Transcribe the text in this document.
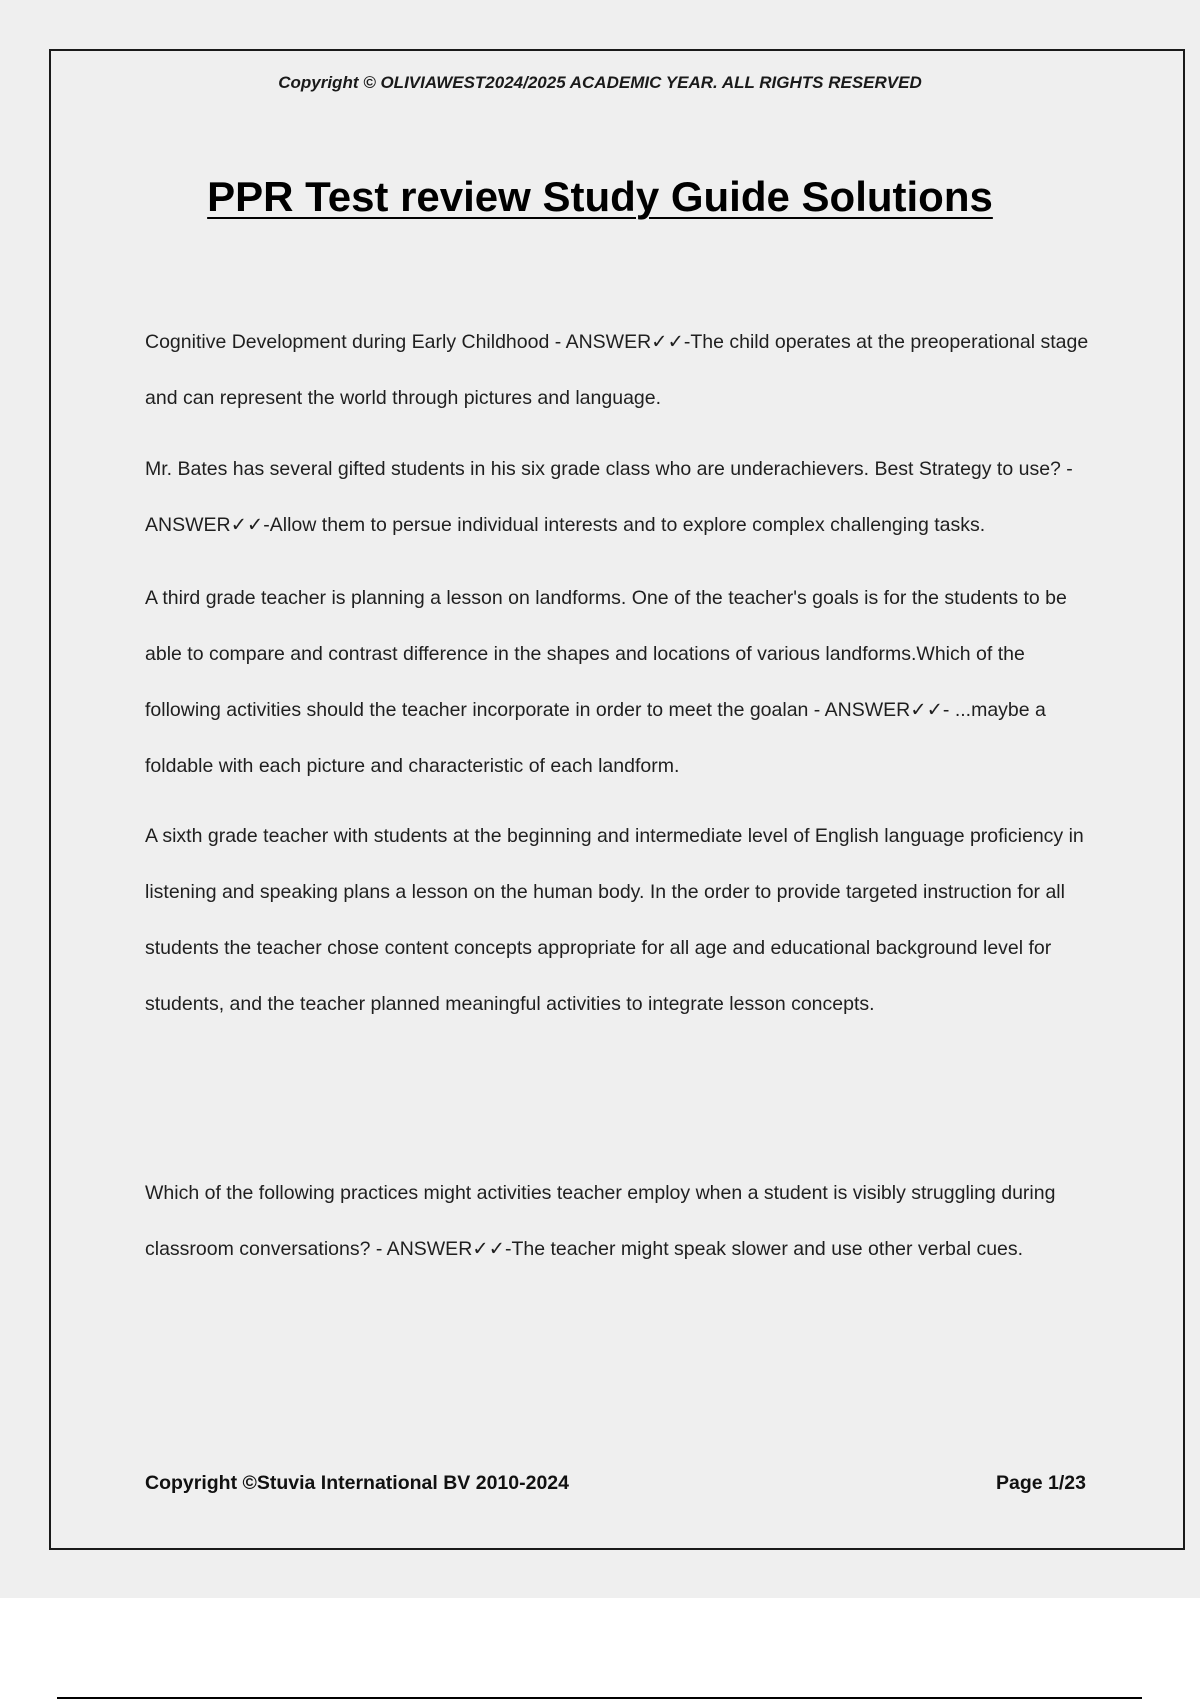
Copyright © OLIVIAWEST2024/2025 ACADEMIC YEAR. ALL RIGHTS RESERVED
PPR Test review Study Guide Solutions

Cognitive Development during Early Childhood - ANSWER✓✓-The child operates at the preoperational stage and can represent the world through pictures and language.

Mr. Bates has several gifted students in his six grade class who are underachievers. Best Strategy to use? - ANSWER✓✓-Allow them to persue individual interests and to explore complex challenging tasks.

A third grade teacher is planning a lesson on landforms. One of the teacher's goals is for the students to be able to compare and contrast difference in the shapes and locations of various landforms.Which of the following activities should the teacher incorporate in order to meet the goalan - ANSWER✓✓- ...maybe a foldable with each picture and characteristic of each landform.

A sixth grade teacher with students at the beginning and intermediate level of English language proficiency in listening and speaking plans a lesson on the human body. In the order to provide targeted instruction for all students the teacher chose content concepts appropriate for all age and educational background level for students, and the teacher planned meaningful activities to integrate lesson concepts.

Which of the following practices might activities teacher employ when a student is visibly struggling during classroom conversations? - ANSWER✓✓-The teacher might speak slower and use other verbal cues.

Copyright ©Stuvia International BV 2010-2024	Page 1/23
